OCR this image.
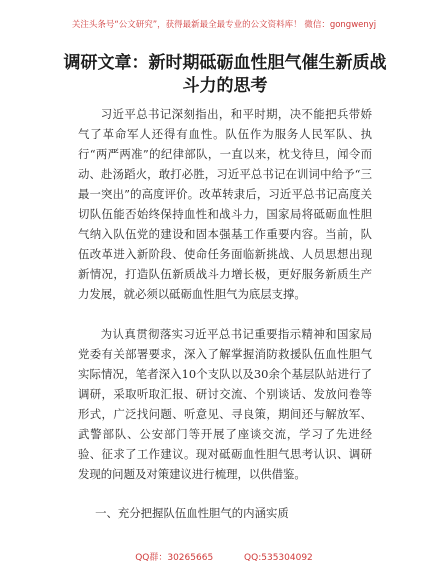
关注头条号“公文研究”，获得最新最全最专业的公文资料库！ 微信：gongwenyj
调研文章：新时期砥砺血性胆气催生新质战斗力的思考

习近平总书记深刻指出，和平时期，决不能把兵带娇气了革命军人还得有血性。队伍作为服务人民军队、执行“两严两准”的纪律部队，一直以来，枕戈待旦，闻令而动、赴汤蹈火，敢打必胜，习近平总书记在训词中给予“三最一突出”的高度评价。改革转隶后，习近平总书记高度关切队伍能否始终保持血性和战斗力，国家局将砥砺血性胆气纳入队伍党的建设和固本强基工作重要内容。当前，队伍改革进入新阶段、使命任务面临新挑战、人员思想出现新情况，打造队伍新质战斗力增长极，更好服务新质生产力发展，就必须以砥砺血性胆气为底层支撑。

为认真贯彻落实习近平总书记重要指示精神和国家局党委有关部署要求，深入了解掌握消防救援队伍血性胆气实际情况，笔者深入10个支队以及30余个基层队站进行了调研，采取听取汇报、研讨交流、个别谈话、发放问卷等形式，广泛找问题、听意见、寻良策，期间还与解放军、武警部队、公安部门等开展了座谈交流，学习了先进经验、征求了工作建议。现对砥砺血性胆气思考认识、调研发现的问题及对策建议进行梳理，以供借鉴。

一、充分把握队伍血性胆气的内涵实质

QQ群：30265665	QQ:535304092
